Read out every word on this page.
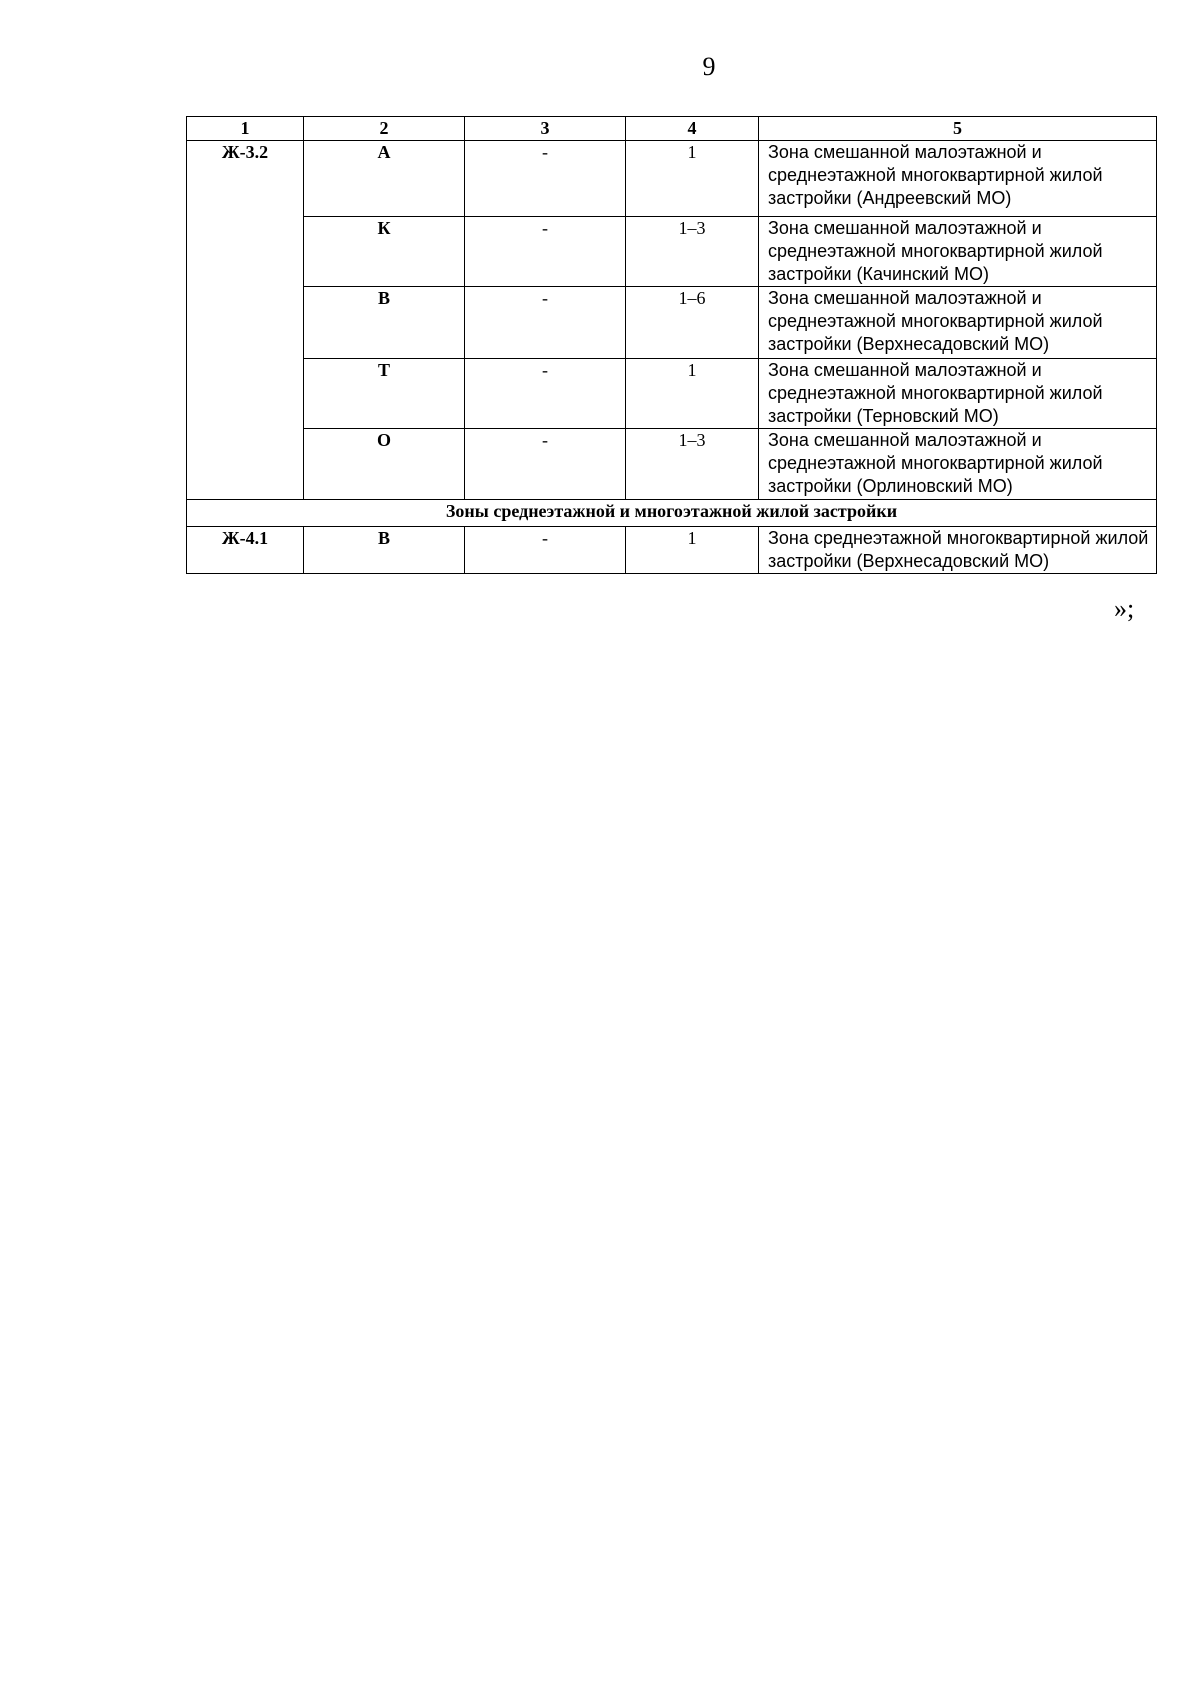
9
1	2	3	4	5
Ж-3.2	А	-	1	Зона смешанной малоэтажной и среднеэтажной многоквартирной жилой застройки (Андреевский МО)
	К	-	1–3	Зона смешанной малоэтажной и среднеэтажной многоквартирной жилой застройки (Качинский МО)
	В	-	1–6	Зона смешанной малоэтажной и среднеэтажной многоквартирной жилой застройки (Верхнесадовский МО)
	Т	-	1	Зона смешанной малоэтажной и среднеэтажной многоквартирной жилой застройки (Терновский МО)
	О	-	1–3	Зона смешанной малоэтажной и среднеэтажной многоквартирной жилой застройки (Орлиновский МО)
Зоны среднеэтажной и многоэтажной жилой застройки				
Ж-4.1	В	-	1	Зона среднеэтажной многоквартирной жилой застройки (Верхнесадовский МО)
»;
